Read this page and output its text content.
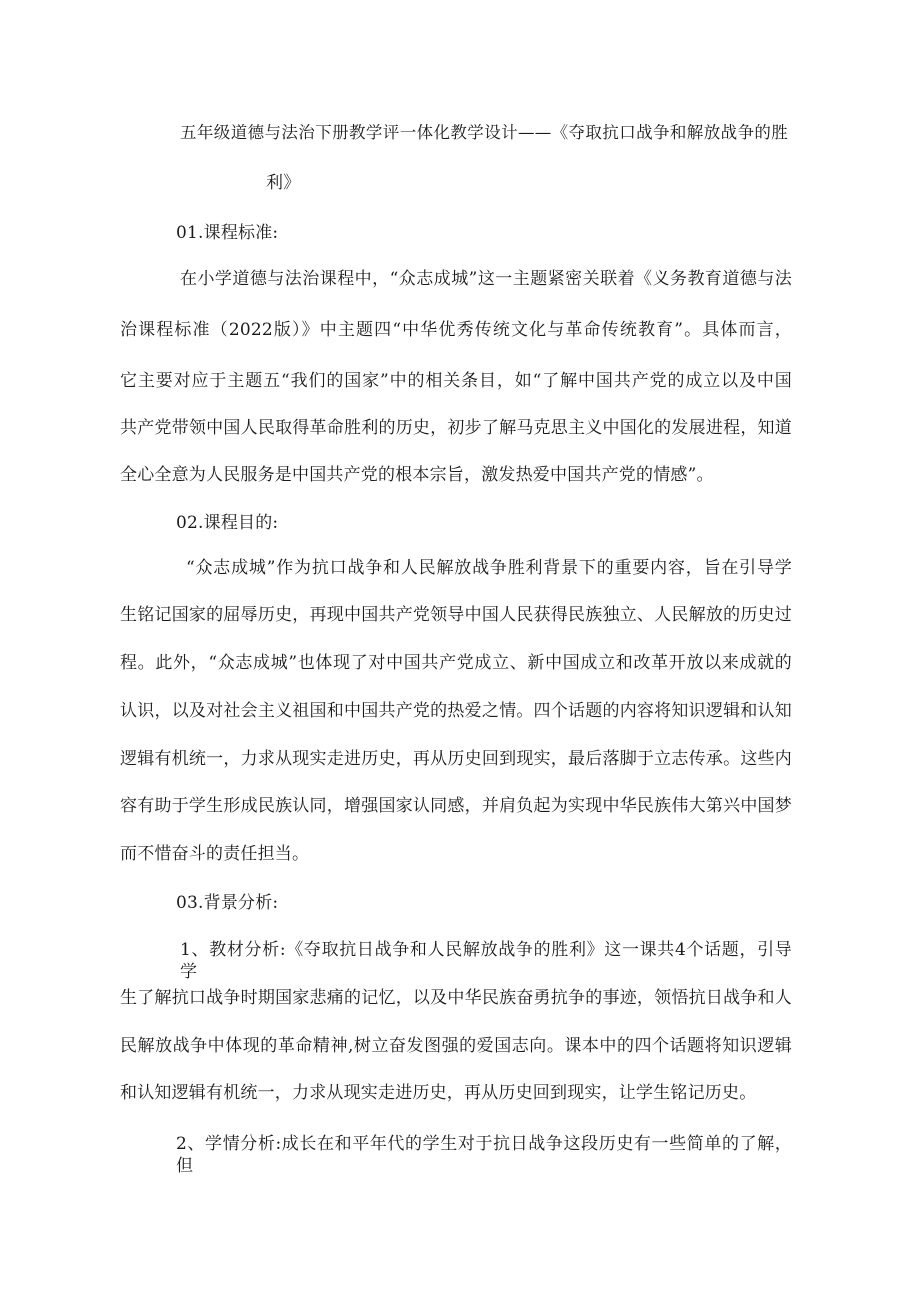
五年级道德与法治下册教学评一体化教学设计——《夺取抗口战争和解放战争的胜
利》
01.课程标准:
在小学道德与法治课程中，“众志成城”这一主题紧密关联着《义务教育道德与法
治课程标准（2022版）》中主题四“中华优秀传统文化与革命传统教育”。具体而言，
它主要对应于主题五“我们的国家”中的相关条目，如“了解中国共产党的成立以及中国
共产党带领中国人民取得革命胜利的历史，初步了解马克思主义中国化的发展进程，知道
全心全意为人民服务是中国共产党的根本宗旨，激发热爱中国共产党的情感”。
02.课程目的:
“众志成城”作为抗口战争和人民解放战争胜利背景下的重要内容，旨在引导学
生铭记国家的屈辱历史，再现中国共产党领导中国人民获得民族独立、人民解放的历史过
程。此外，“众志成城”也体现了对中国共产党成立、新中国成立和改革开放以来成就的
认识，以及对社会主义祖国和中国共产党的热爱之情。四个话题的内容将知识逻辑和认知
逻辑有机统一，力求从现实走进历史，再从历史回到现实，最后落脚于立志传承。这些内
容有助于学生形成民族认同，增强国家认同感，并肩负起为实现中华民族伟大第兴中国梦
而不惜奋斗的责任担当。
03.背景分析:
1、教材分析:《夺取抗日战争和人民解放战争的胜利》这一课共4个话题，引导学
生了解抗口战争时期国家悲痛的记忆，以及中华民族奋勇抗争的事迹，领悟抗日战争和人
民解放战争中体现的革命精神,树立奋发图强的爱国志向。课本中的四个话题将知识逻辑
和认知逻辑有机统一，力求从现实走进历史，再从历史回到现实，让学生铭记历史。
2、学情分析:成长在和平年代的学生对于抗日战争这段历史有一些简单的了解，但
